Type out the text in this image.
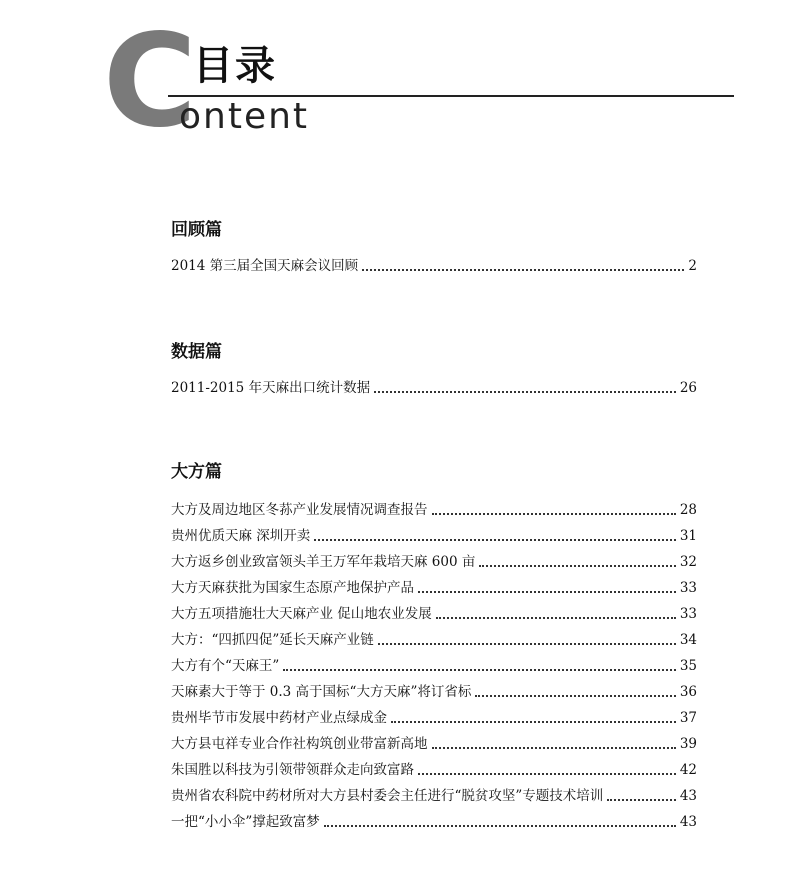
C
目录
ontent
回顾篇
2014 第三届全国天麻会议回顾	2
数据篇
2011-2015 年天麻出口统计数据	26
大方篇
大方及周边地区冬荪产业发展情况调查报告	28
贵州优质天麻 深圳开卖	31
大方返乡创业致富领头羊王万军年栽培天麻 600 亩	32
大方天麻获批为国家生态原产地保护产品	33
大方五项措施壮大天麻产业 促山地农业发展	33
大方：“四抓四促”延长天麻产业链	34
大方有个“天麻王”	35
天麻素大于等于 0.3 高于国标“大方天麻”将订省标	36
贵州毕节市发展中药材产业点绿成金	37
大方县屯祥专业合作社构筑创业带富新高地	39
朱国胜以科技为引领带领群众走向致富路	42
贵州省农科院中药材所对大方县村委会主任进行“脱贫攻坚”专题技术培训	43
一把“小小伞”撑起致富梦	43
